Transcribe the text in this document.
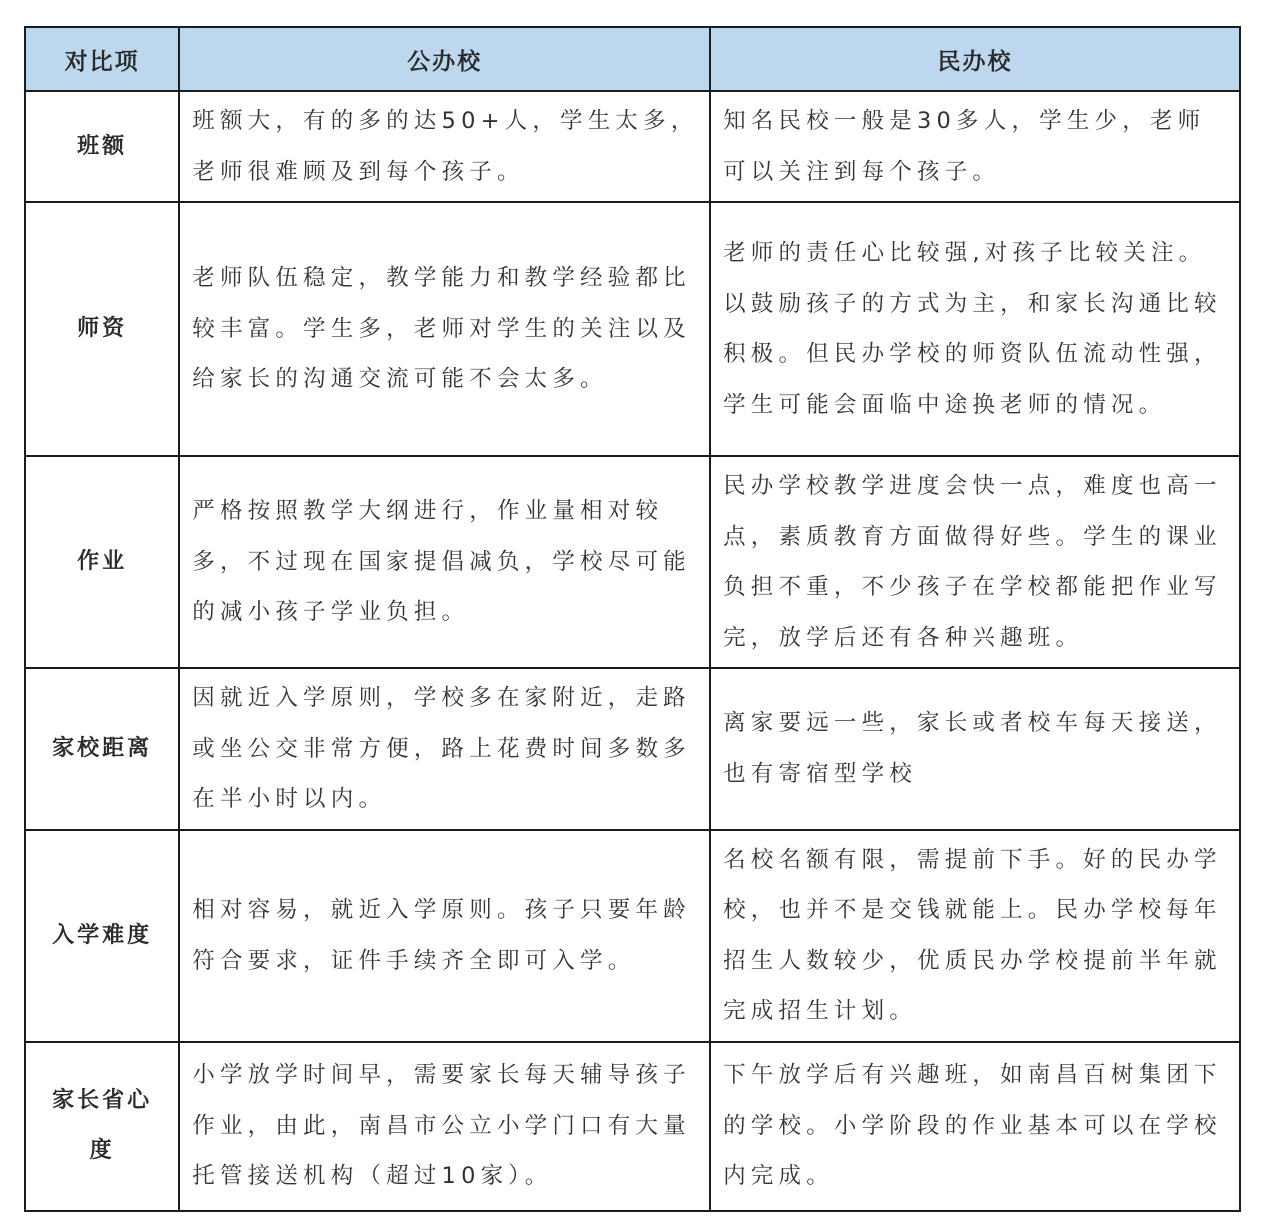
对比项	公办校	民办校
班额	班额大，有的多的达50+人，学生太多，老师很难顾及到每个孩子。	知名民校一般是30多人，学生少，老师可以关注到每个孩子。
师资	老师队伍稳定，教学能力和教学经验都比较丰富。学生多，老师对学生的关注以及给家长的沟通交流可能不会太多。	老师的责任心比较强,对孩子比较关注。以鼓励孩子的方式为主，和家长沟通比较积极。但民办学校的师资队伍流动性强，学生可能会面临中途换老师的情况。
作业	严格按照教学大纲进行，作业量相对较多，不过现在国家提倡减负，学校尽可能的减小孩子学业负担。	民办学校教学进度会快一点，难度也高一点，素质教育方面做得好些。学生的课业负担不重，不少孩子在学校都能把作业写完，放学后还有各种兴趣班。
家校距离	因就近入学原则，学校多在家附近，走路或坐公交非常方便，路上花费时间多数多在半小时以内。	离家要远一些，家长或者校车每天接送，也有寄宿型学校
入学难度	相对容易，就近入学原则。孩子只要年龄符合要求，证件手续齐全即可入学。	名校名额有限，需提前下手。好的民办学校，也并不是交钱就能上。民办学校每年招生人数较少，优质民办学校提前半年就完成招生计划。
家长省心度	小学放学时间早，需要家长每天辅导孩子作业，由此，南昌市公立小学门口有大量托管接送机构（超过10家）。	下午放学后有兴趣班，如南昌百树集团下的学校。小学阶段的作业基本可以在学校内完成。
